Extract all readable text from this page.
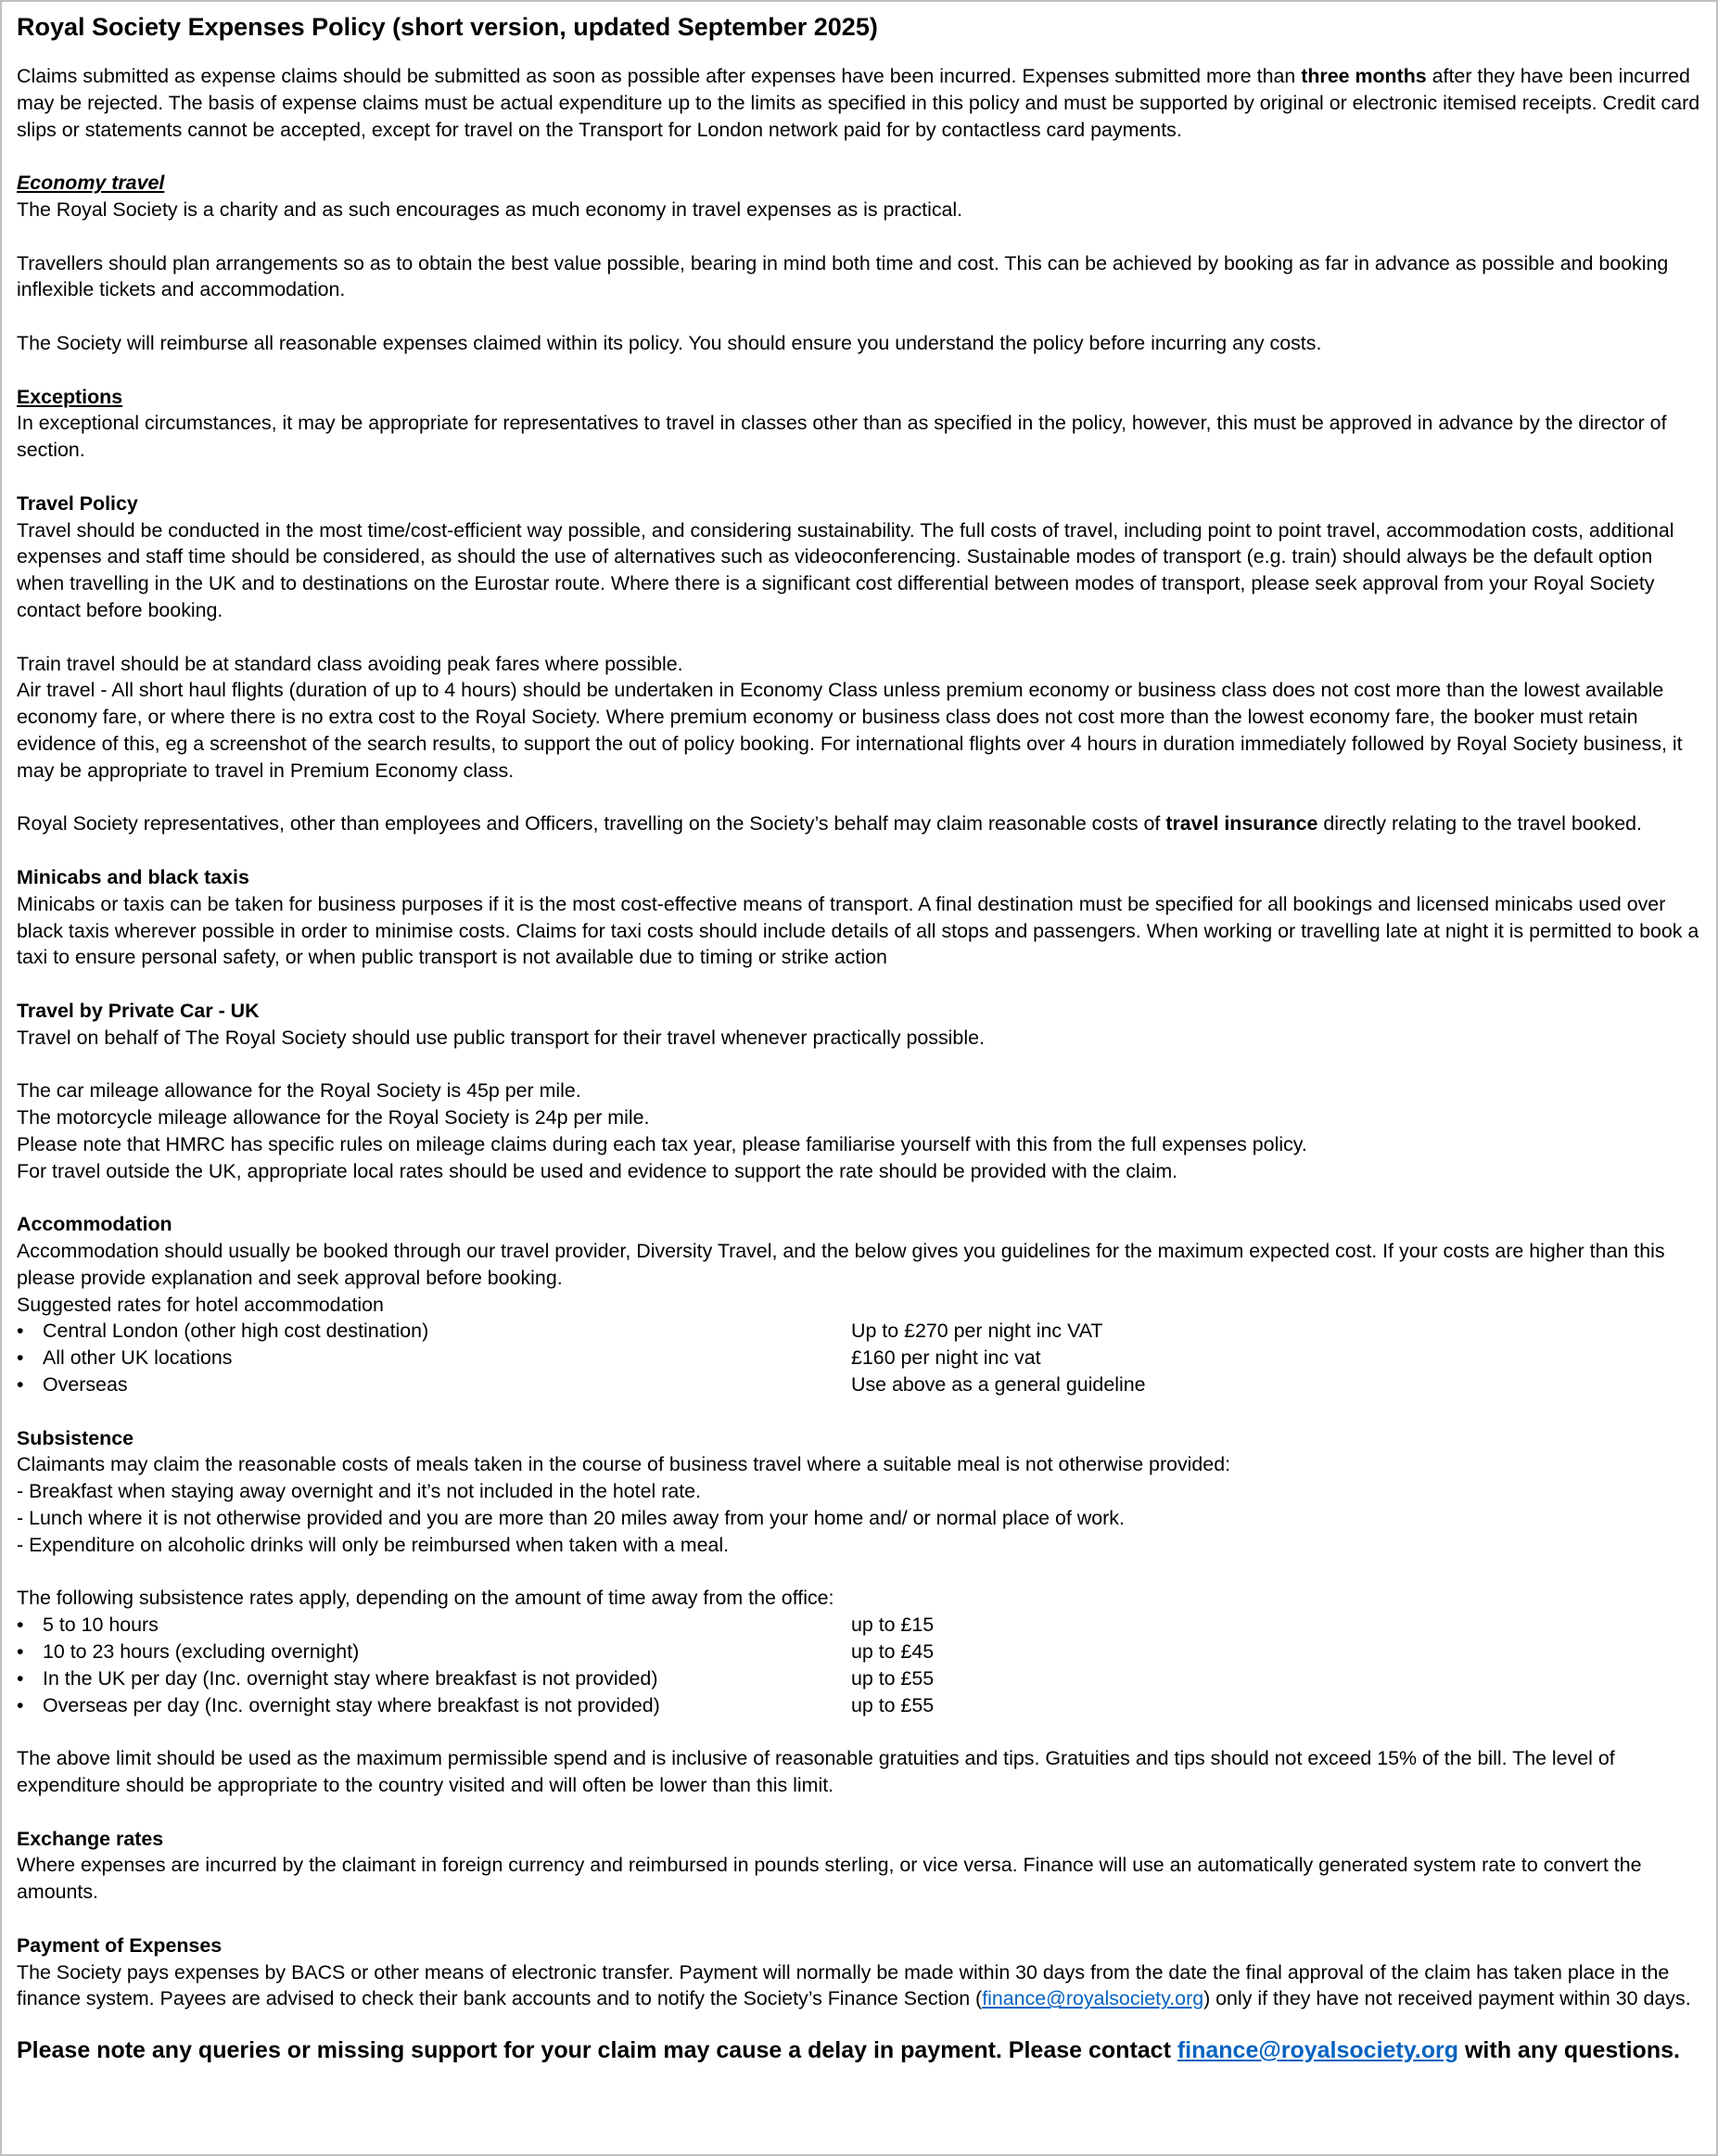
Royal Society Expenses Policy (short version, updated September 2025)

Claims submitted as expense claims should be submitted as soon as possible after expenses have been incurred. Expenses submitted more than three months after they have been incurred may be rejected. The basis of expense claims must be actual expenditure up to the limits as specified in this policy and must be supported by original or electronic itemised receipts. Credit card slips or statements cannot be accepted, except for travel on the Transport for London network paid for by contactless card payments.

Economy travel

The Royal Society is a charity and as such encourages as much economy in travel expenses as is practical.

Travellers should plan arrangements so as to obtain the best value possible, bearing in mind both time and cost. This can be achieved by booking as far in advance as possible and booking inflexible tickets and accommodation.

The Society will reimburse all reasonable expenses claimed within its policy. You should ensure you understand the policy before incurring any costs.

Exceptions

In exceptional circumstances, it may be appropriate for representatives to travel in classes other than as specified in the policy, however, this must be approved in advance by the director of section.

Travel Policy

Travel should be conducted in the most time/cost-efficient way possible, and considering sustainability. The full costs of travel, including point to point travel, accommodation costs, additional expenses and staff time should be considered, as should the use of alternatives such as videoconferencing. Sustainable modes of transport (e.g. train) should always be the default option when travelling in the UK and to destinations on the Eurostar route. Where there is a significant cost differential between modes of transport, please seek approval from your Royal Society contact before booking.

Train travel should be at standard class avoiding peak fares where possible.

Air travel - All short haul flights (duration of up to 4 hours) should be undertaken in Economy Class unless premium economy or business class does not cost more than the lowest available economy fare, or where there is no extra cost to the Royal Society. Where premium economy or business class does not cost more than the lowest economy fare, the booker must retain evidence of this, eg a screenshot of the search results, to support the out of policy booking. For international flights over 4 hours in duration immediately followed by Royal Society business, it may be appropriate to travel in Premium Economy class.

Royal Society representatives, other than employees and Officers, travelling on the Society’s behalf may claim reasonable costs of travel insurance directly relating to the travel booked.

Minicabs and black taxis

Minicabs or taxis can be taken for business purposes if it is the most cost-effective means of transport. A final destination must be specified for all bookings and licensed minicabs used over black taxis wherever possible in order to minimise costs. Claims for taxi costs should include details of all stops and passengers. When working or travelling late at night it is permitted to book a taxi to ensure personal safety, or when public transport is not available due to timing or strike action

Travel by Private Car - UK

Travel on behalf of The Royal Society should use public transport for their travel whenever practically possible.

The car mileage allowance for the Royal Society is 45p per mile.

The motorcycle mileage allowance for the Royal Society is 24p per mile.

Please note that HMRC has specific rules on mileage claims during each tax year, please familiarise yourself with this from the full expenses policy.

For travel outside the UK, appropriate local rates should be used and evidence to support the rate should be provided with the claim.

Accommodation

Accommodation should usually be booked through our travel provider, Diversity Travel, and the below gives you guidelines for the maximum expected cost. If your costs are higher than this please provide explanation and seek approval before booking.

Suggested rates for hotel accommodation

• Central London (other high cost destination)	Up to £270 per night inc VAT
• All other UK locations	£160 per night inc vat
• Overseas	Use above as a general guideline

Subsistence

Claimants may claim the reasonable costs of meals taken in the course of business travel where a suitable meal is not otherwise provided:

- Breakfast when staying away overnight and it’s not included in the hotel rate.

- Lunch where it is not otherwise provided and you are more than 20 miles away from your home and/ or normal place of work.

- Expenditure on alcoholic drinks will only be reimbursed when taken with a meal.

The following subsistence rates apply, depending on the amount of time away from the office:

• 5 to 10 hours	up to £15
• 10 to 23 hours (excluding overnight)	up to £45
• In the UK per day (Inc. overnight stay where breakfast is not provided)	up to £55
• Overseas per day (Inc. overnight stay where breakfast is not provided)	up to £55

The above limit should be used as the maximum permissible spend and is inclusive of reasonable gratuities and tips. Gratuities and tips should not exceed 15% of the bill. The level of expenditure should be appropriate to the country visited and will often be lower than this limit.

Exchange rates

Where expenses are incurred by the claimant in foreign currency and reimbursed in pounds sterling, or vice versa. Finance will use an automatically generated system rate to convert the amounts.

Payment of Expenses

The Society pays expenses by BACS or other means of electronic transfer. Payment will normally be made within 30 days from the date the final approval of the claim has taken place in the finance system. Payees are advised to check their bank accounts and to notify the Society’s Finance Section (finance@royalsociety.org) only if they have not received payment within 30 days.

Please note any queries or missing support for your claim may cause a delay in payment. Please contact finance@royalsociety.org with any questions.
